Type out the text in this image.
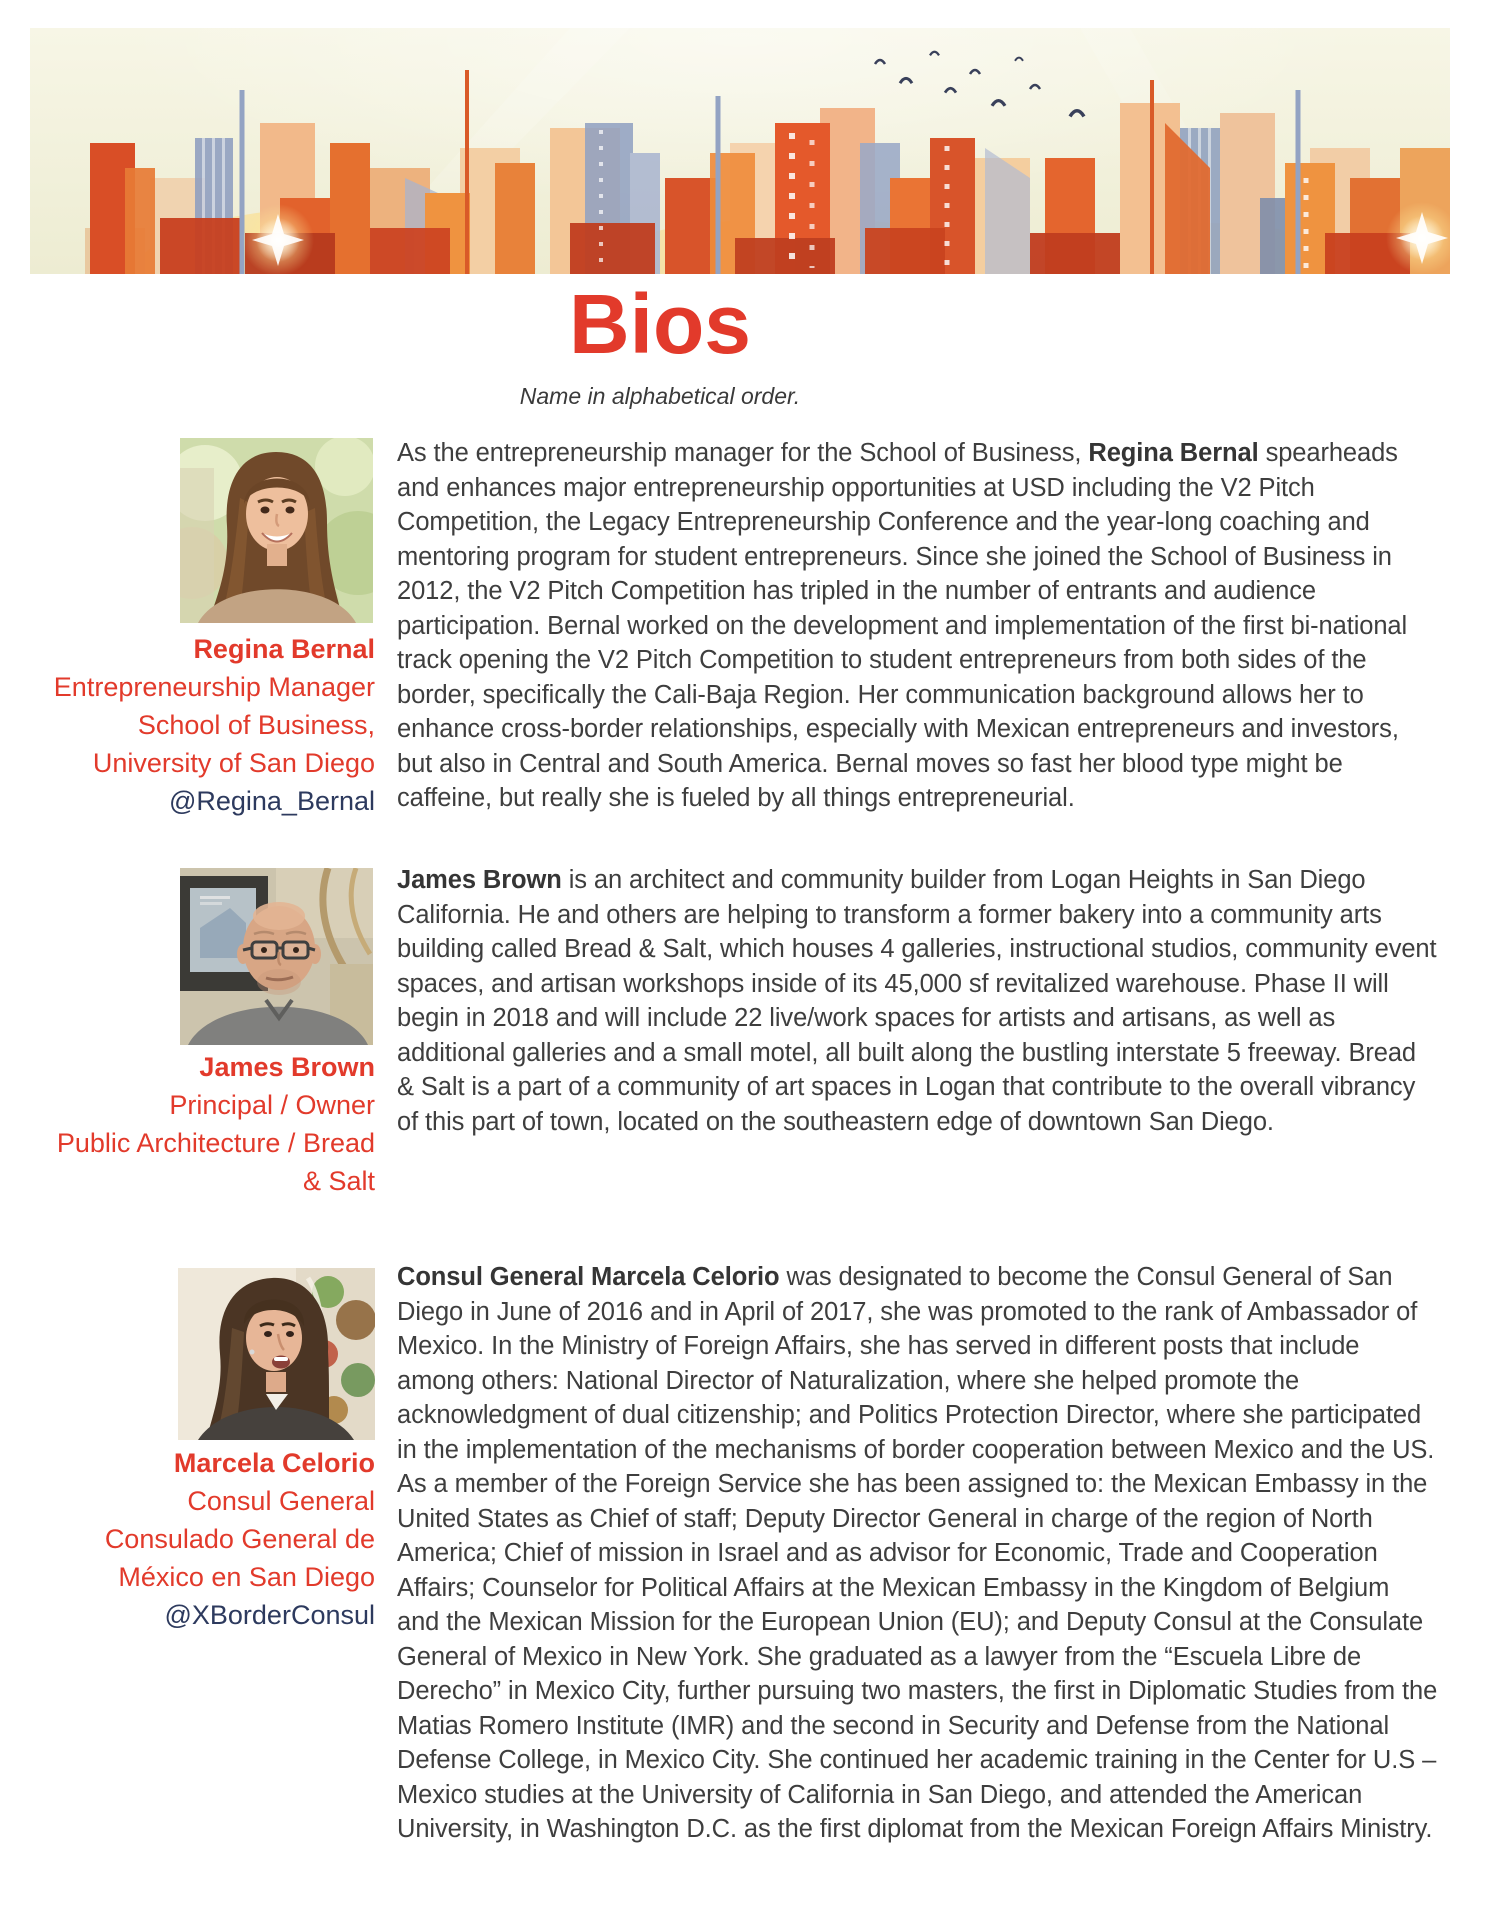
Bios
Name in alphabetical order.
Regina Bernal
Entrepreneurship Manager
School of Business,
University of San Diego
@Regina_Bernal
As the entrepreneurship manager for the School of Business, Regina Bernal spearheads and enhances major entrepreneurship opportunities at USD including the V2 Pitch Competition, the Legacy Entrepreneurship Conference and the year-long coaching and mentoring program for student entrepreneurs. Since she joined the School of Business in 2012, the V2 Pitch Competition has tripled in the number of entrants and audience participation. Bernal worked on the development and implementation of the first bi-national track opening the V2 Pitch Competition to student entrepreneurs from both sides of the border, specifically the Cali-Baja Region. Her communication background allows her to enhance cross-border relationships, especially with Mexican entrepreneurs and investors, but also in Central and South America. Bernal moves so fast her blood type might be caffeine, but really she is fueled by all things entrepreneurial.
James Brown
Principal / Owner
Public Architecture / Bread
& Salt
James Brown is an architect and community builder from Logan Heights in San Diego California. He and others are helping to transform a former bakery into a community arts building called Bread & Salt, which houses 4 galleries, instructional studios, community event spaces, and artisan workshops inside of its 45,000 sf revitalized warehouse. Phase II will begin in 2018 and will include 22 live/work spaces for artists and artisans, as well as additional galleries and a small motel, all built along the bustling interstate 5 freeway. Bread & Salt is a part of a community of art spaces in Logan that contribute to the overall vibrancy of this part of town, located on the southeastern edge of downtown San Diego.
Marcela Celorio
Consul General
Consulado General de
México en San Diego
@XBorderConsul
Consul General Marcela Celorio was designated to become the Consul General of San Diego in June of 2016 and in April of 2017, she was promoted to the rank of Ambassador of Mexico. In the Ministry of Foreign Affairs, she has served in different posts that include among others: National Director of Naturalization, where she helped promote the acknowledgment of dual citizenship; and Politics Protection Director, where she participated in the implementation of the mechanisms of border cooperation between Mexico and the US. As a member of the Foreign Service she has been assigned to: the Mexican Embassy in the United States as Chief of staff; Deputy Director General in charge of the region of North America; Chief of mission in Israel and as advisor for Economic, Trade and Cooperation Affairs; Counselor for Political Affairs at the Mexican Embassy in the Kingdom of Belgium and the Mexican Mission for the European Union (EU); and Deputy Consul at the Consulate General of Mexico in New York. She graduated as a lawyer from the “Escuela Libre de Derecho” in Mexico City, further pursuing two masters, the first in Diplomatic Studies from the Matias Romero Institute (IMR) and the second in Security and Defense from the National Defense College, in Mexico City. She continued her academic training in the Center for U.S – Mexico studies at the University of California in San Diego, and attended the American University, in Washington D.C. as the first diplomat from the Mexican Foreign Affairs Ministry.
